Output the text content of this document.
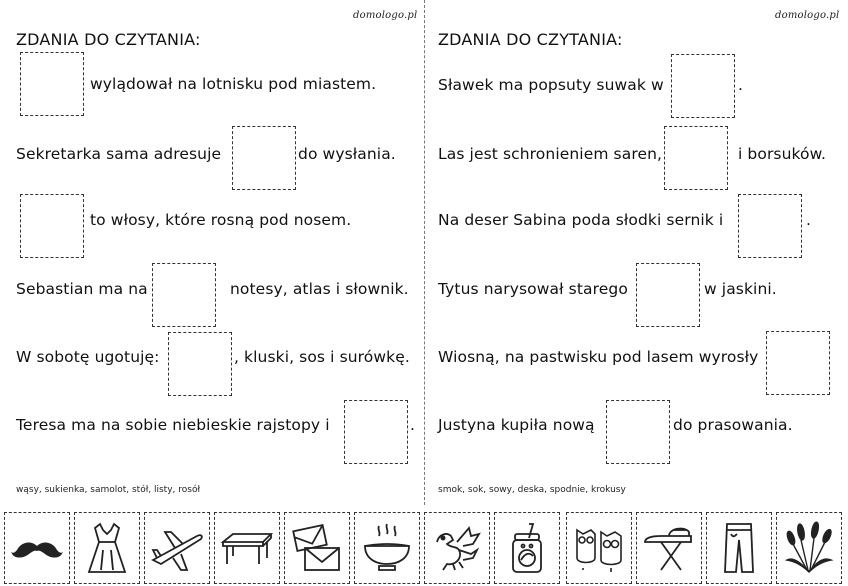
domologo.pl
ZDANIA DO CZYTANIA:
wylądował na lotnisku pod miastem.
Sekretarka sama adresuje	do wysłania.
to włosy, które rosną pod nosem.
Sebastian ma na	notesy, atlas i słownik.
W sobotę ugotuję:	, kluski, sos i surówkę.
Teresa ma na sobie niebieskie rajstopy i	.
wąsy, sukienka, samolot, stół, listy, rosół
domologo.pl
ZDANIA DO CZYTANIA:
Sławek ma popsuty suwak w	.
Las jest schronieniem saren,	i borsuków.
Na deser Sabina poda słodki sernik i	.
Tytus narysował starego	w jaskini.
Wiosną, na pastwisku pod lasem wyrosły
Justyna kupiła nową	do prasowania.
smok, sok, sowy, deska, spodnie, krokusy
